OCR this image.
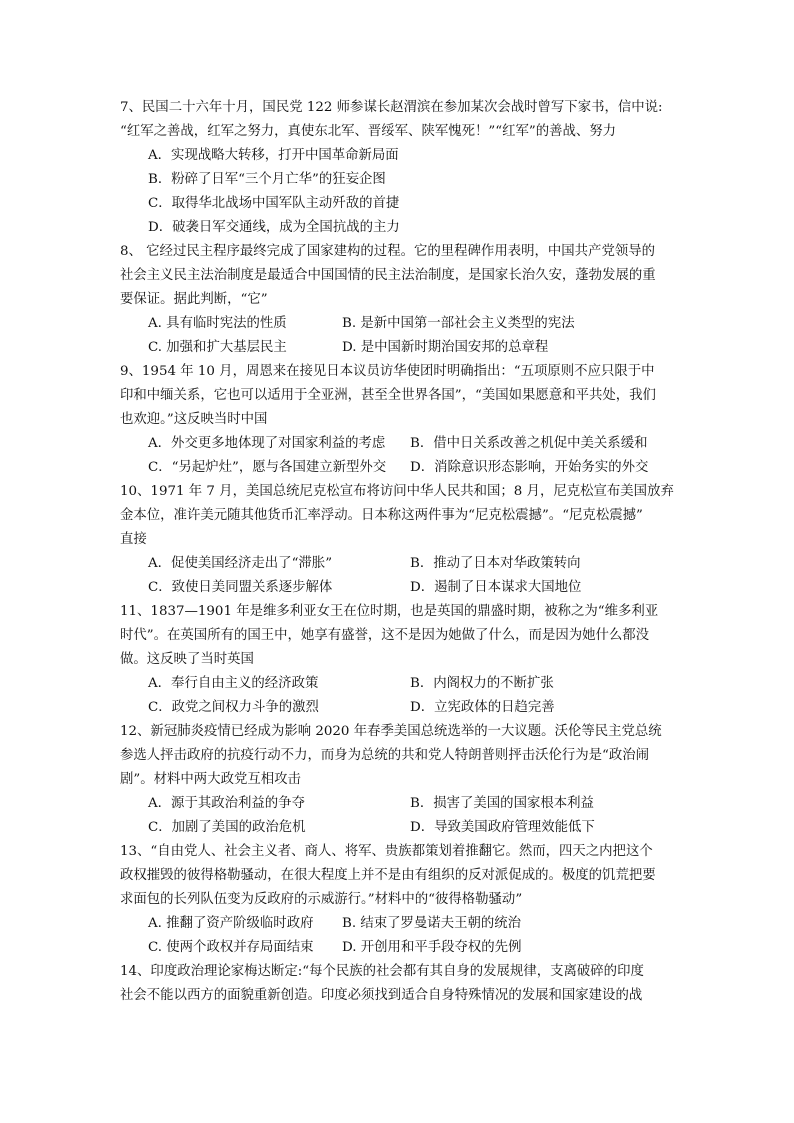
7、民国二十六年十月，国民党 122 师参谋长赵渭滨在参加某次会战时曾写下家书，信中说:
“红军之善战，红军之努力，真使东北军、晋绥军、陕军愧死！”“红军”的善战、努力
A．实现战略大转移，打开中国革命新局面
B．粉碎了日军“三个月亡华”的狂妄企图
C．取得华北战场中国军队主动歼敌的首捷
D．破袭日军交通线，成为全国抗战的主力
8、 它经过民主程序最终完成了国家建构的过程。它的里程碑作用表明，中国共产党领导的
社会主义民主法治制度是最适合中国国情的民主法治制度，是国家长治久安，蓬勃发展的重
要保证。据此判断，“它”
A. 具有临时宪法的性质	B. 是新中国第一部社会主义类型的宪法
C. 加强和扩大基层民主	D. 是中国新时期治国安邦的总章程
9、1954 年 10 月，周恩来在接见日本议员访华使团时明确指出：“五项原则不应只限于中
印和中缅关系，它也可以适用于全亚洲，甚至全世界各国”，“美国如果愿意和平共处，我们
也欢迎。”这反映当时中国
A．外交更多地体现了对国家利益的考虑 B．借中日关系改善之机促中美关系缓和
C．“另起炉灶”，愿与各国建立新型外交 D．消除意识形态影响，开始务实的外交
10、1971 年 7 月，美国总统尼克松宣布将访问中华人民共和国；8 月，尼克松宣布美国放弃
金本位，准许美元随其他货币汇率浮动。日本称这两件事为“尼克松震撼”。“尼克松震撼”
直接
A．促使美国经济走出了“滞胀”	B．推动了日本对华政策转向
C．致使日美同盟关系逐步解体	D．遏制了日本谋求大国地位
11、1837—1901 年是维多利亚女王在位时期，也是英国的鼎盛时期，被称之为“维多利亚
时代”。在英国所有的国王中，她享有盛誉，这不是因为她做了什么，而是因为她什么都没
做。这反映了当时英国
A．奉行自由主义的经济政策	B．内阁权力的不断扩张
C．政党之间权力斗争的激烈	D．立宪政体的日趋完善
12、新冠肺炎疫情已经成为影响 2020 年春季美国总统选举的一大议题。沃伦等民主党总统
参选人抨击政府的抗疫行动不力，而身为总统的共和党人特朗普则抨击沃伦行为是“政治闹
剧”。材料中两大政党互相攻击
A．源于其政治利益的争夺	B．损害了美国的国家根本利益
C．加剧了美国的政治危机	D．导致美国政府管理效能低下
13、“自由党人、社会主义者、商人、将军、贵族都策划着推翻它。然而，四天之内把这个
政权摧毁的彼得格勒骚动，在很大程度上并不是由有组织的反对派促成的。极度的饥荒把要
求面包的长列队伍变为反政府的示威游行。”材料中的“彼得格勒骚动”
A. 推翻了资产阶级临时政府 B. 结束了罗曼诺夫王朝的统治
C. 使两个政权并存局面结束 D. 开创用和平手段夺权的先例
14、印度政治理论家梅达断定:“每个民族的社会都有其自身的发展规律，支离破碎的印度
社会不能以西方的面貌重新创造。印度必须找到适合自身特殊情况的发展和国家建设的战
